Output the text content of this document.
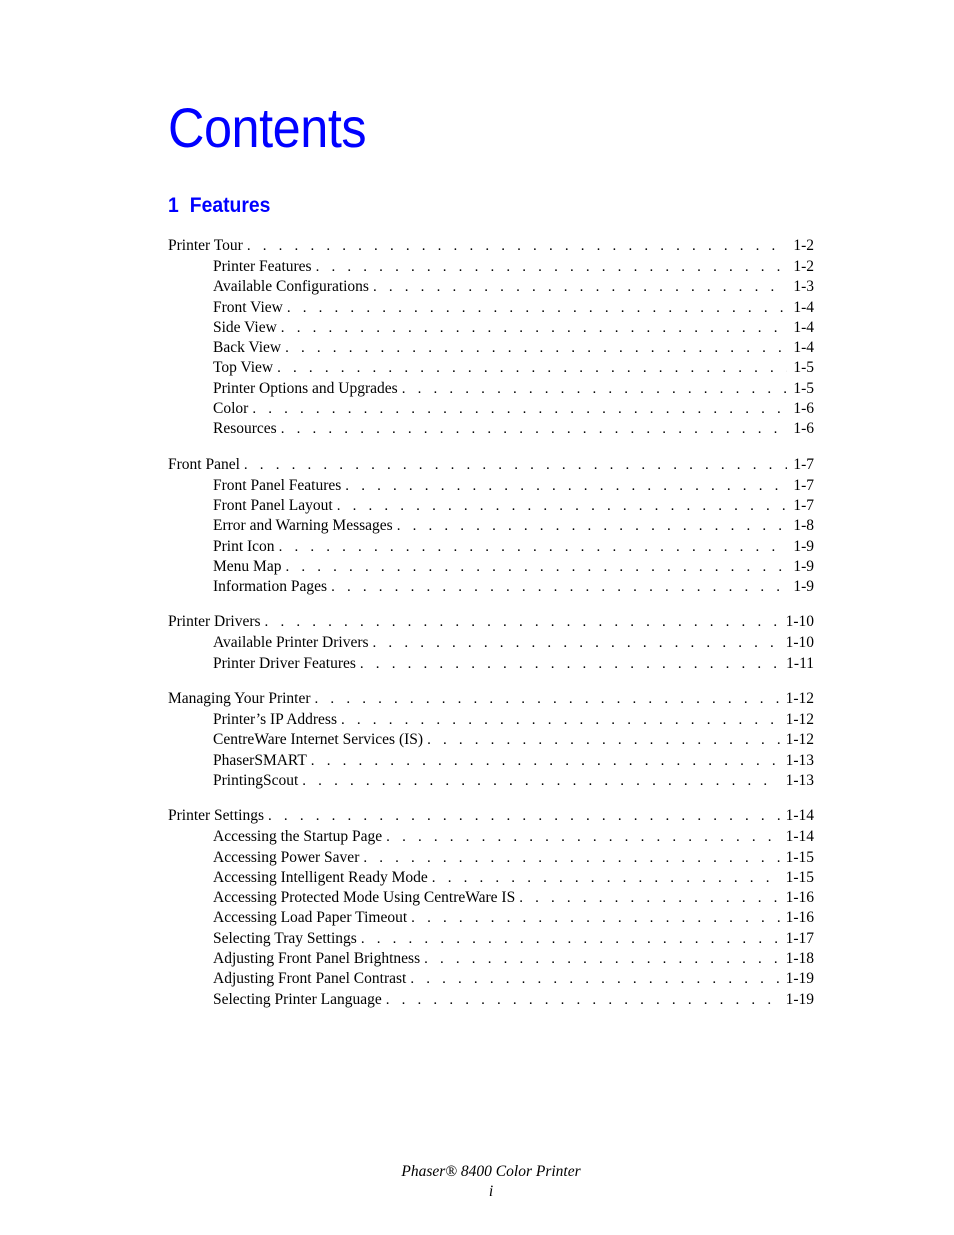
Contents
1 Features
Printer Tour . . .	1-2
Printer Features . . .	1-2
Available Configurations . . .	1-3
Front View . . .	1-4
Side View . . .	1-4
Back View . . .	1-4
Top View . . .	1-5
Printer Options and Upgrades . . .	1-5
Color . . .	1-6
Resources . . .	1-6
Front Panel . . .	1-7
Front Panel Features . . .	1-7
Front Panel Layout . . .	1-7
Error and Warning Messages . . .	1-8
Print Icon . . .	1-9
Menu Map . . .	1-9
Information Pages . . .	1-9
Printer Drivers . . .	1-10
Available Printer Drivers . . .	1-10
Printer Driver Features . . .	1-11
Managing Your Printer . . .	1-12
Printer’s IP Address . . .	1-12
CentreWare Internet Services (IS) . . .	1-12
PhaserSMART . . .	1-13
PrintingScout . . .	1-13
Printer Settings . . .	1-14
Accessing the Startup Page . . .	1-14
Accessing Power Saver . . .	1-15
Accessing Intelligent Ready Mode . . .	1-15
Accessing Protected Mode Using CentreWare IS . . .	1-16
Accessing Load Paper Timeout . . .	1-16
Selecting Tray Settings . . .	1-17
Adjusting Front Panel Brightness . . .	1-18
Adjusting Front Panel Contrast . . .	1-19
Selecting Printer Language . . .	1-19
Phaser® 8400 Color Printer
i
